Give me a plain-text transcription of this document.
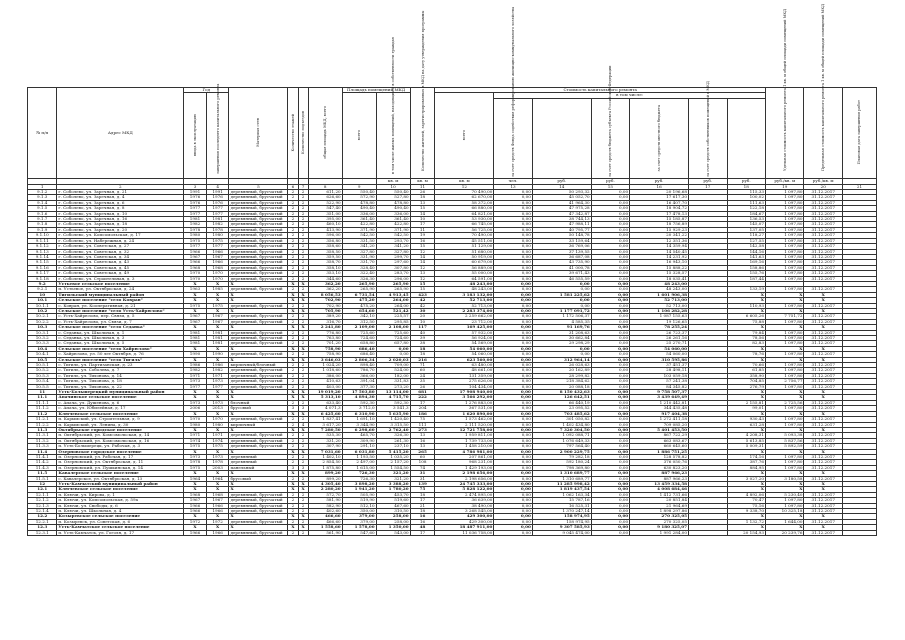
№ п/п	Адрес МКД	Год		Материал стен	Количество этажей	Количество подъездов	общая площадь МКД, всего	Площадь помещений МКД		Количество жителей, зарегистрированных в МКД на дату утверждения программы	Стоимость капитального ремонта							Удельная стоимость капитального ремонта 1 кв. м общей площади помещений МКД	Предельная стоимость капитального ремонта 1 кв. м общей площади помещений МКД	Плановая дата завершения работ
		ввода в эксплуатацию	завершения последнего капитального ремонта					всего	в том числе жилых помещений, находящихся в собственности граждан		всего	в том числе:								
												за счет средств Фонда содействия реформированию жилищно-коммунального хозяйства		за счет средств бюджета субъекта Российской Федерации	за счет средств местного бюджета	за счет средств собственников помещений в МКД				
									кв. м	кв. м	кв. м	чел.	руб.	руб.	руб.	руб.	руб.	руб./кв. м	руб./кв. м	
1	2	3	4	5	6	7	8	9	10	11	12	13	14	15	16	17	18	19	20	21
9.1.2	г. Соболево, ул. Заречная, д. 21	1991	1991	деревянный, брусчатый	2	2	611,20	550,40	550,40	26	70 490,00	0,00	50 293,32	0,00	20 196,68		115,33	1 097,80	31.12.2017	
9.1.3	г. Соболево, ул. Заречная, д. 4	1976	1976	деревянный, брусчатый	2	2	626,60	572,90	527,80	18	62 670,00	0,00	45 052,70	0,00	17 617,30		100,02	1 097,80	31.12.2017	
9.1.4	г. Соболево, ул. Заречная, д. 6	1976	1976	деревянный, брусчатый	2	2	522,90	478,80	478,80	13	58 372,00	0,00	41 964,30	0,00	16 407,70		111,63	1 097,80	31.12.2017	
9.1.5	г. Соболево, ул. Заречная, д. 8	1977	1977	деревянный, брусчатый	2	2	547,40	490,40	490,40	15	66 880,00	0,00	47 975,28	0,00	18 904,72		122,18	1 097,80	31.12.2017	
9.1.6	г. Соболево, ул. Заречная, д. 10	1977	1977	деревянный, брусчатый	2	2	351,00	336,00	336,00	14	64 821,00	0,00	47 342,87	0,00	17 478,13		184,67	1 097,80	31.12.2017	
9.1.7	г. Соболево, ул. Заречная, д. 16	1981	1981	деревянный, брусчатый	2	2	395,00	361,40	361,40	10	53 930,00	0,00	38 744,13	0,00	15 185,87		136,53	1 097,80	31.12.2017	
9.1.8	г. Соболево, ул. Заречная, д. 18	1982	1982	деревянный, брусчатый	2	2	460,10	422,80	422,80	17	66 745,00	0,00	47 988,11	0,00	18 756,89		145,07	1 097,80	31.12.2017	
9.1.9	г. Соболево, ул. Заречная, д. 20	1978	1978	деревянный, брусчатый	2	2	413,90	371,90	371,90	11	56 725,00	0,00	40 795,77	0,00	15 929,23		137,05	1 097,80	31.12.2017	
9.1.10	г. Соболево, ул. Комсомольская, д. 17	1980	1980	деревянный, брусчатый	2	2	596,00	542,50	542,50	19	70 490,00	0,00	50 148,78	0,00	20 341,22		118,27	1 097,80	31.12.2017	
9.1.11	г. Соболево, ул. Набережная, д. 24	1975	1975	деревянный, брусчатый	2	2	356,80	331,50	293,70	16	45 511,00	0,00	33 159,64	0,00	12 351,36		127,55	1 097,80	31.12.2017	
9.1.12	г. Соболево, ул. Советская, д. 27	1977	1977	деревянный, брусчатый	2	2	358,60	341,20	341,20	15	51 129,00	0,00	36 769,06	0,00	14 359,94		142,58	1 097,80	31.12.2017	
9.1.13	г. Соболево, ул. Советская, д. 32	1966	1966	деревянный, брусчатый	2	2	358,50	327,80	327,80	12	51 680,00	0,00	37 139,55	0,00	14 540,45		144,16	1 097,80	31.12.2017	
9.1.14	г. Соболево, ул. Советская, д. 34	1967	1967	деревянный, брусчатый	2	2	359,50	331,90	299,70	14	50 919,00	0,00	36 687,08	0,00	14 231,92		141,63	1 097,80	31.12.2017	
9.1.15	г. Соболево, ул. Советская, д. 43	1966	1966	деревянный, брусчатый	2	2	358,70	331,70	297,60	14	60 679,00	0,00	43 735,90	0,00	16 943,10		169,16	1 097,80	31.12.2017	
9.1.16	г. Соболево, ул. Советская, д. 45	1968	1968	деревянный, брусчатый	2	2	358,10	328,40	307,80	12	56 889,00	0,00	41 000,78	0,00	15 888,22		158,86	1 097,80	31.12.2017	
9.1.17	г. Соболево, ул. Советская, д. 49	1970	1970	деревянный, брусчатый	2	2	353,10	322,40	283,70	13	55 000,00	0,00	39 671,43	0,00	15 328,57		155,76	1 097,80	31.12.2017	
9.1.18	г. Соболево, ул. Строительная, д. 3	1970	1970	деревянный, брусчатый	2	2	344,60	326,30	296,00	12	64 591,00	0,00	46 555,59	0,00	18 035,41		187,44	1 097,80	31.12.2017	
9.2	Устьевое сельское поселение	X	X	X	X	X	362,20	265,90	265,90	15	48 243,00	0,00	0,00	0,00	48 243,00					
9.2.1	п. Устьевое, ул. Октябрьская, д. 24	1963	1985	деревянный, брусчатый	2	2	362,20	265,90	265,90	15	48 243,00	0,00	0,00	0,00	48 243,00		133,19	1 097,80	31.12.2017	
10	Тигильский муниципальный район	X	X	X	X	X	8 056,53	6 731,54	4 913,45	423	3 183 132,00	0,00	1 581 225,62	0,00	1 601 906,38		X	X	X	
10.1	Сельское поселение "село Ковран"	X	X	X	X	X	702,90	475,20	264,00	42	52 713,00	0,00	0,00	0,00	52 713,00		X	X	X	
10.1.1	с. Ковран, ул. Кооперативная, д. 21	1975	1975	деревянный, брусчатый	2	2	702,90	475,20	264,00	42	52 713,00	0,00	0,00	0,00	52 713,00		110,93	1 097,80	31.12.2017	
10.2	Сельское поселение "село Усть-Хайрюзово"	X	X	X	X	X	705,90	654,60	521,42	30	2 283 374,00	0,00	1 177 091,72	0,00	1 106 282,28		X	X	X	
10.2.1	с. Усть-Хайрюзово, пер. Связи, д. 5	1967	1967	деревянный, брусчатый	2	2	389,20	342,10	225,57	20	2 259 662,00	0,00	1 172 506,37	0,00	1 087 155,63		6 605,26	7 751,72	31.12.2017	
10.2.2	с. Усть-Хайрюзово, ул. Связи, д. 7	1967	1967	деревянный, брусчатый	2	2	316,70	312,50	295,85	10	23 712,00	0,00	4 585,35	0,00	19 126,65		75,88	1 097,80	31.12.2017	
10.3	Сельское поселение "село Седанка"	X	X	X	X	X	2 241,80	2 109,00	2 108,00	117	169 425,00	0,00	91 169,76	0,00	78 255,24		X	X	X	
10.3.1	с. Седанка, ул. Школьная, д. 1	1981	1981	деревянный, брусчатый	2	2	776,80	725,60	725,60	40	57 932,00	0,00	31 208,63	0,00	26 723,37		79,84	1 097,80	31.12.2017	
10.3.2	с. Седанка, ул. Школьная, д. 3	1981	1981	деревянный, брусчатый	2	2	763,80	724,60	724,60	39	56 924,00	0,00	30 662,84	0,00	26 261,16		78,56	1 097,80	31.12.2017	
10.3.3	с. Седанка, ул. Школьная, д. 5	1981	1981	деревянный, брусчатый	2	2	701,20	658,80	657,80	38	54 569,00	0,00	29 298,29	0,00	25 270,71		82,83	1 097,80	31.12.2017	
10.4	Сельское поселение "село Хайрюзово"	X	X	X	X	X	758,90	686,40	0,00	18	54 060,00	0,00	0,00	0,00	54 060,00		X	X	X	
10.4.1	с. Хайрюзово, ул. 50 лет Октября, д. 76	1990	1990	деревянный, брусчатый	2	2	758,90	686,40	0,00	18	54 060,00	0,00	0,00	0,00	54 060,00		78,76	1 097,80	31.12.2017	
10.5	Сельское поселение "село Тигиль"	X	X	X	X	X	3 646,03	2 806,34	2 020,03	216	623 560,00	0,00	312 964,14	0,00	310 595,86		X	X	X	
10.5.1	с. Тигиль, ул. Партизанская, д. 23	1986	1986	кирпичный/блочный	2	2	1 024,20	898,40	709,00	71	63 480,00	0,00	26 028,63	0,00	37 451,37		70,66	1 097,80	31.12.2017	
10.5.2	с. Тигиль, ул. Соболева, д. 7	1982	1982	деревянный, брусчатый	2	2	1 018,60	786,70	524,00	60	48 661,00	0,00	20 162,89	0,00	28 498,11		61,85	1 097,80	31.12.2017	
10.5.3	с. Тигиль, ул. Тихонова, д. 14	1971	1971	деревянный, брусчатый	2	2	386,00	366,00	182,00	24	131 359,00	0,00	28 299,82	0,00	103 059,18		358,90	1 097,80	31.12.2017	
10.5.4	с. Тигиль, ул. Тихонова, д. 18	1973	1973	деревянный, брусчатый	2	2	410,63	391,04	331,83	35	275 626,00	0,00	218 384,62	0,00	57 241,38		704,85	2 756,77	31.12.2017	
10.5.5	с. Тигиль, ул. Тихонова, д. 22	1977	1977	деревянный, брусчатый	2	2	403,00	377,30	273,20	26	104 434,00	0,00	20 088,18	0,00	84 345,82		276,79	1 097,80	31.12.2017	
11	Усть-Большерецкий муниципальный район	X	X	X	X	X	19 019,20	17 503,80	13 114,00	681	17 908 940,00	0,00	8 150 432,63	0,00	9 758 507,37		X	X	X	
11.1	Апачинское сельское поселение	X	X	X	X	X	5 313,10	4 894,30	4 715,70	222	3 566 292,00	0,00	126 642,51	0,00	3 439 649,49		X	X	X	
11.1.1	с. Апача, ул. Душенова, д. 6	1973	1973	блочный	2	2	633,40	592,30	592,30	17	1 276 883,00	0,00	66 440,19	0,00	1 210 442,81		2 155,81	2 725,56	31.12.2017	
11.1.2	с. Апача, ул. Юбилейная, д. 17	2006	2013	брусовый	3	3	4 071,3	3 712,0	3 541,3	204	367 531,00	0,00	23 095,52	0,00	344 435,48		99,01	1 097,80	31.12.2017	
11.2	Ключевское сельское поселение	X	X	X	X	X	6 425,60	6 310,90	5 635,90	186	1 620 890,00	0,00	703 485,62	0,00	917 404,38		X	X	X	
11.2.1	п. Карымский, ул. Строительная, д. 9	1970	1970	деревянный, брусчатый	2	2	1 837,41	1 691,10	1 420,40	75	1 573 462,00	0,00	301 050,82	0,00	1 272 411,18		930,43	1 097,80	31.12.2017	
11.2.2	п. Карымский, ул. Ленина, д. 30	1980	1980	кирпичный	2	4	3 617,20	3 344,90	3 315,50	111	2 111 520,00	0,00	1 402 434,80	0,00	709 085,20		631,28	1 097,80	31.12.2017	
11.3	Октябрьское городское поселение	X	X	X	X	X	7 280,50	6 298,60	2 762,40	273	12 721 758,00	0,00	7 320 304,50	0,00	5 401 453,50		X	X	X	
11.3.1	п. Октябрьский, ул. Комсомольская, д. 14	1971	1971	деревянный, брусчатый	2	2	535,30	465,70	326,30	13	1 959 811,00	0,00	1 092 088,71	0,00	867 722,29		4 208,31	5 093,38	31.12.2017	
11.3.2	п. Октябрьский, ул. Комсомольская, д. 16	1974	1974	деревянный, брусчатый	2	2	331,20	309,90	261,30	16	1 739 733,00	0,00	1 076 649,33	0,00	663 083,67		5 613,85	5 837,56	31.12.2017	
11.3.3	п. Усть-Большерецк, ул. Рабочая, д. 3	1975	1975	деревянный, брусчатый	2	2	307,90	291,10	237,10	13	1 458 210,00	0,00	797 564,40	0,00	660 645,60		5 009,31	5 892,59	31.12.2017	
11.4	Озерновское городское поселение	X	X	X	X	X	7 031,60	6 031,80	5 415,20	265	4 786 981,00	0,00	2 900 229,75	0,00	1 886 751,25		X	X	X	
11.4.1	п. Озерновский, ул. Рабочая, д. 17	1973	1973	деревянный	2	2	1 402,10	1 193,50	1 035,20	60	207 861,00	0,00	79 282,18	0,00	128 578,82		174,16	1 097,80	31.12.2017	
11.4.2	п. Озерновский, ул. Октябрьская, д. 11	1978	1978	деревянный	2	2	2 854,50	2 497,00	2 157,20	108	968 231,00	0,00	592 180,24	0,00	376 050,76		387,76	1 097,80	31.12.2017	
11.4.3	п. Озерновский, ул. Пушкинская, д. 14	1975	2003	панельный	3	3	1 875,80	1 615,00	1 554,50	74	1 429 193,00	0,00	798 369,80	0,00	630 823,20		884,95	1 097,80	31.12.2017	
11.5	Кавалерское сельское поселение	X	X	X	X	X	899,20	726,30	321,20	31	2 198 656,00	0,00	1 310 689,77	0,00	887 966,23		X	X	X	
11.5.1	с. Кавалерское, ул. Октябрьская, д. 13	1964	1964	брусовый	2	2	899,20	726,30	321,20	31	2 198 656,00	0,00	1 310 689,77	0,00	887 966,23		3 027,20	3 180,58	31.12.2017	
12	Усть-Камчатский муниципальный район	X	X	X	X	X	4 305,40	3 898,20	3 388,20	139	24 745 333,00	0,00	11 285 998,42	0,00	13 459 334,58		X	X	X	
12.1	Ключевское сельское поселение	X	X	X	X	X	2 280,20	1 941,20	1 780,20	75	5 828 122,00	0,00	1 819 437,54	0,00	4 008 684,46		X	X	X	
12.1.1	п. Ключи, ул. Кирова, д. 1	1968	1968	деревянный, брусчатый	2	2	572,70	505,90	453,70	18	2 474 895,00	0,00	1 062 163,34	0,00	1 412 731,66		4 892,06	5 230,40	31.12.2017	
12.1.2	п. Ключи, ул. Комсомольская, д. 59а	1967	1967	деревянный, брусчатый	2	2	581,90	519,90	519,60	17	36 639,00	0,00	15 787,16	0,00	20 851,84		70,47	1 097,80	31.12.2017	
12.1.3	п. Ключи, ул. Свободы, д. 6	1966	1966	деревянный, брусчатый	2	2	582,90	512,10	467,60	21	38 490,00	0,00	16 525,31	0,00	21 964,69		75,16	1 097,80	31.12.2017	
12.1.4	п. Ключи, ул. Школьная, д. 4	1966	1966	деревянный, брусчатый	2	2	402,60	350,00	310,50	18	3 268 545,00	0,00	1 370 247,14	0,00	1 898 297,86		9 338,70	10 325,18	31.12.2017	
12.2	Козыревское сельское поселение	X	X	X	X	X	466,60	379,00	258,00	16	429 300,00	0,00	158 974,95	0,00	270 325,05		X	X	X	
12.2.1	п. Козыревск, ул. Советская, д. 6	1972	1972	деревянный, брусчатый	2	2	466,60	379,00	258,00	16	429 300,00	0,00	158 974,95	0,00	270 325,05		1 132,72	1 644,00	31.12.2017	
12.3	Усть-Камчатское сельское поселение	X	X	X	X	X	1 558,60	1 578,00	1 350,00	48	18 487 911,00	0,00	9 307 585,93	0,00	9 180 325,07		X	X	X	
12.3.1	п. Усть-Камчатск, ул. Гоголя, д. 17	1966	1966	деревянный, брусчатый	2	2	561,90	547,60	543,00	17	11 036 758,00	0,00	9 045 474,00	0,00	1 991 284,00		20 154,93	20 239,76	31.12.2017	
